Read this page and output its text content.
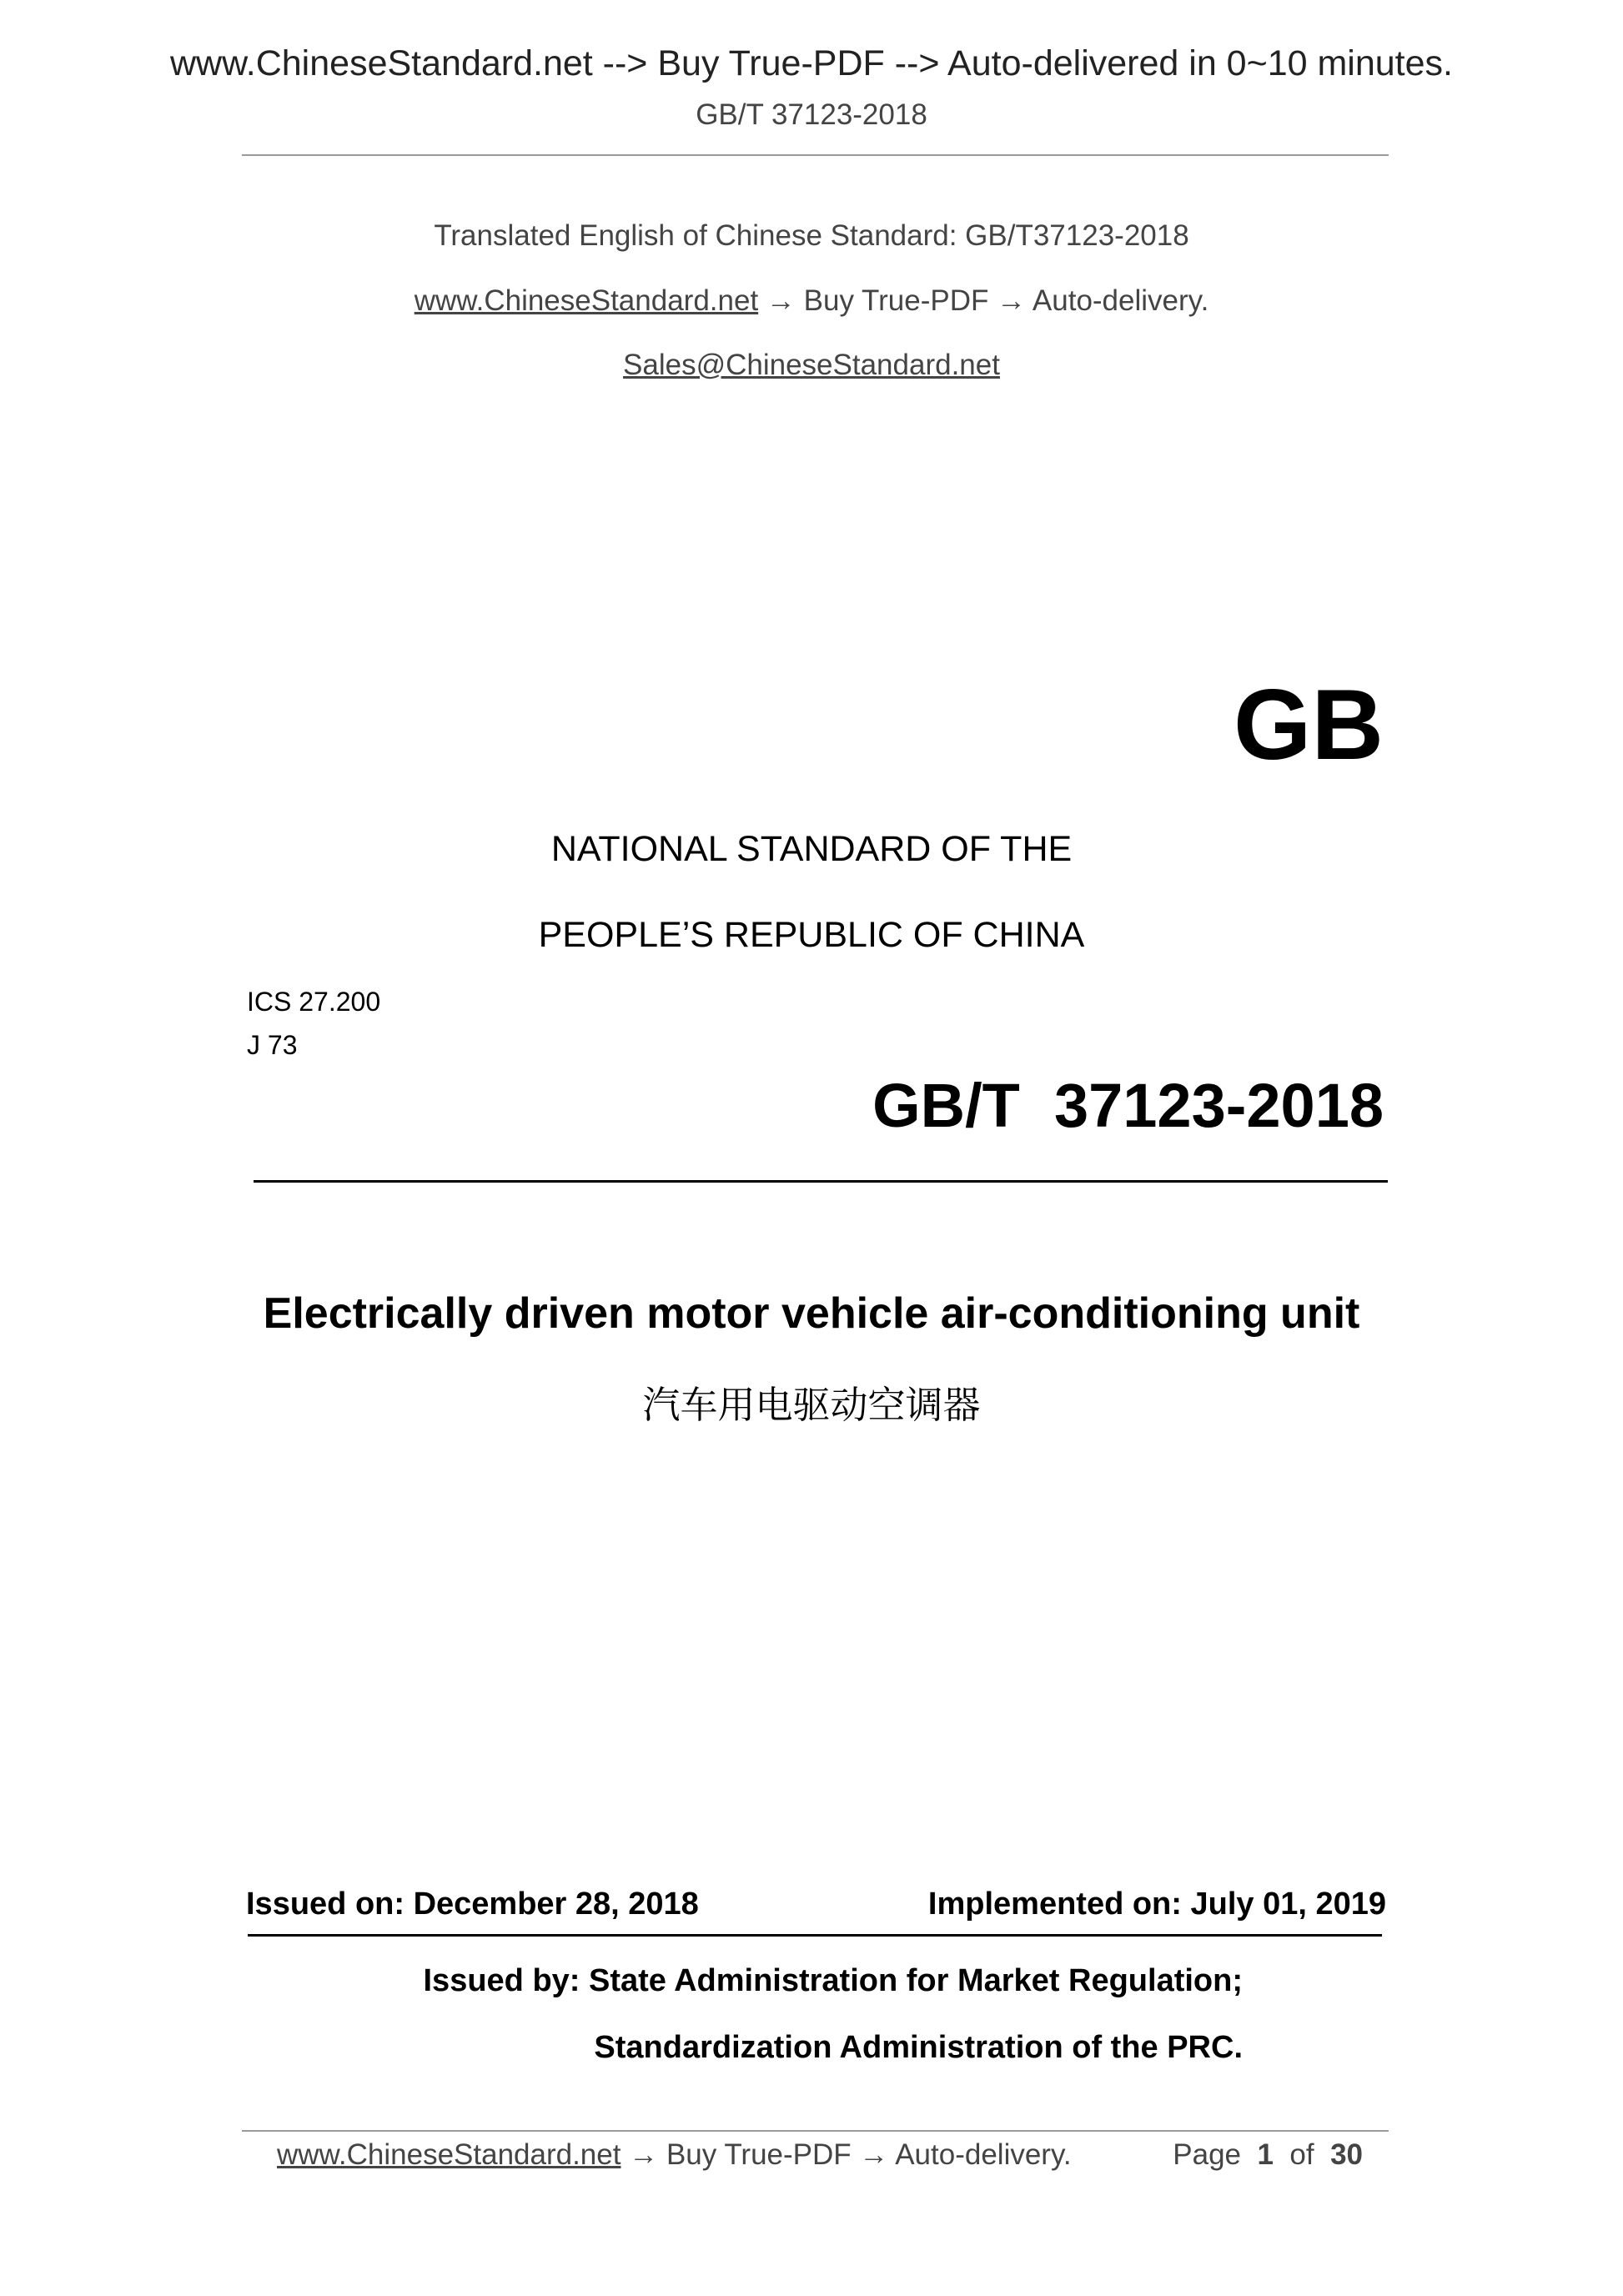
www.ChineseStandard.net --> Buy True-PDF --> Auto-delivered in 0~10 minutes.
GB/T 37123-2018
Translated English of Chinese Standard: GB/T37123-2018
www.ChineseStandard.net → Buy True-PDF → Auto-delivery.
Sales@ChineseStandard.net
GB
NATIONAL STANDARD OF THE
PEOPLE’S REPUBLIC OF CHINA
ICS 27.200
J 73
GB/T  37123-2018
Electrically driven motor vehicle air-conditioning unit
汽车用电驱动空调器
Issued on: December 28, 2018	Implemented on: July 01, 2019
Issued by: State Administration for Market Regulation;
Standardization Administration of the PRC.
www.ChineseStandard.net → Buy True-PDF → Auto-delivery.	Page 1 of 30
